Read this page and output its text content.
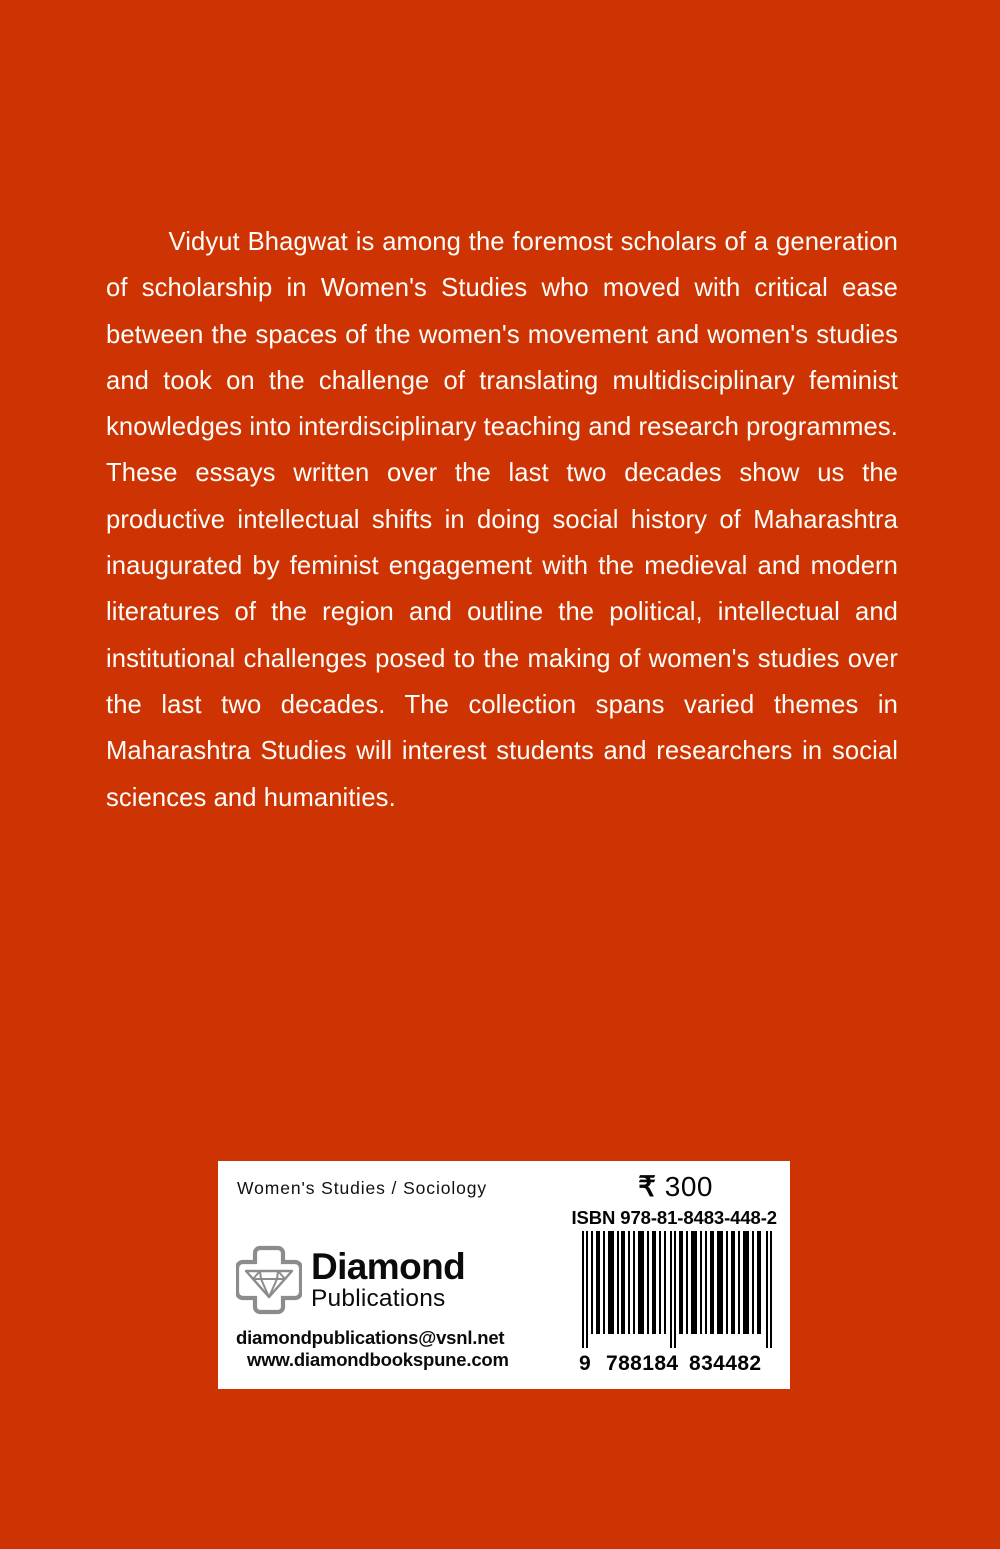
Vidyut Bhagwat is among the foremost scholars of a generation of scholarship in Women's Studies who moved with critical ease between the spaces of the women's movement and women's studies and took on the challenge of translating multidisciplinary feminist knowledges into interdisciplinary teaching and research programmes. These essays written over the last two decades show us the productive intellectual shifts in doing social history of Maharashtra inaugurated by feminist engagement with the medieval and modern literatures of the region and outline the political, intellectual and institutional challenges posed to the making of women's studies over the last two decades. The collection spans varied themes in Maharashtra Studies will interest students and researchers in social sciences and humanities.
Women's Studies / Sociology
Diamond
Publications
diamondpublications@vsnl.net
www.diamondbookspune.com
₹ 300
ISBN 978-81-8483-448-2
9 788184 834482
